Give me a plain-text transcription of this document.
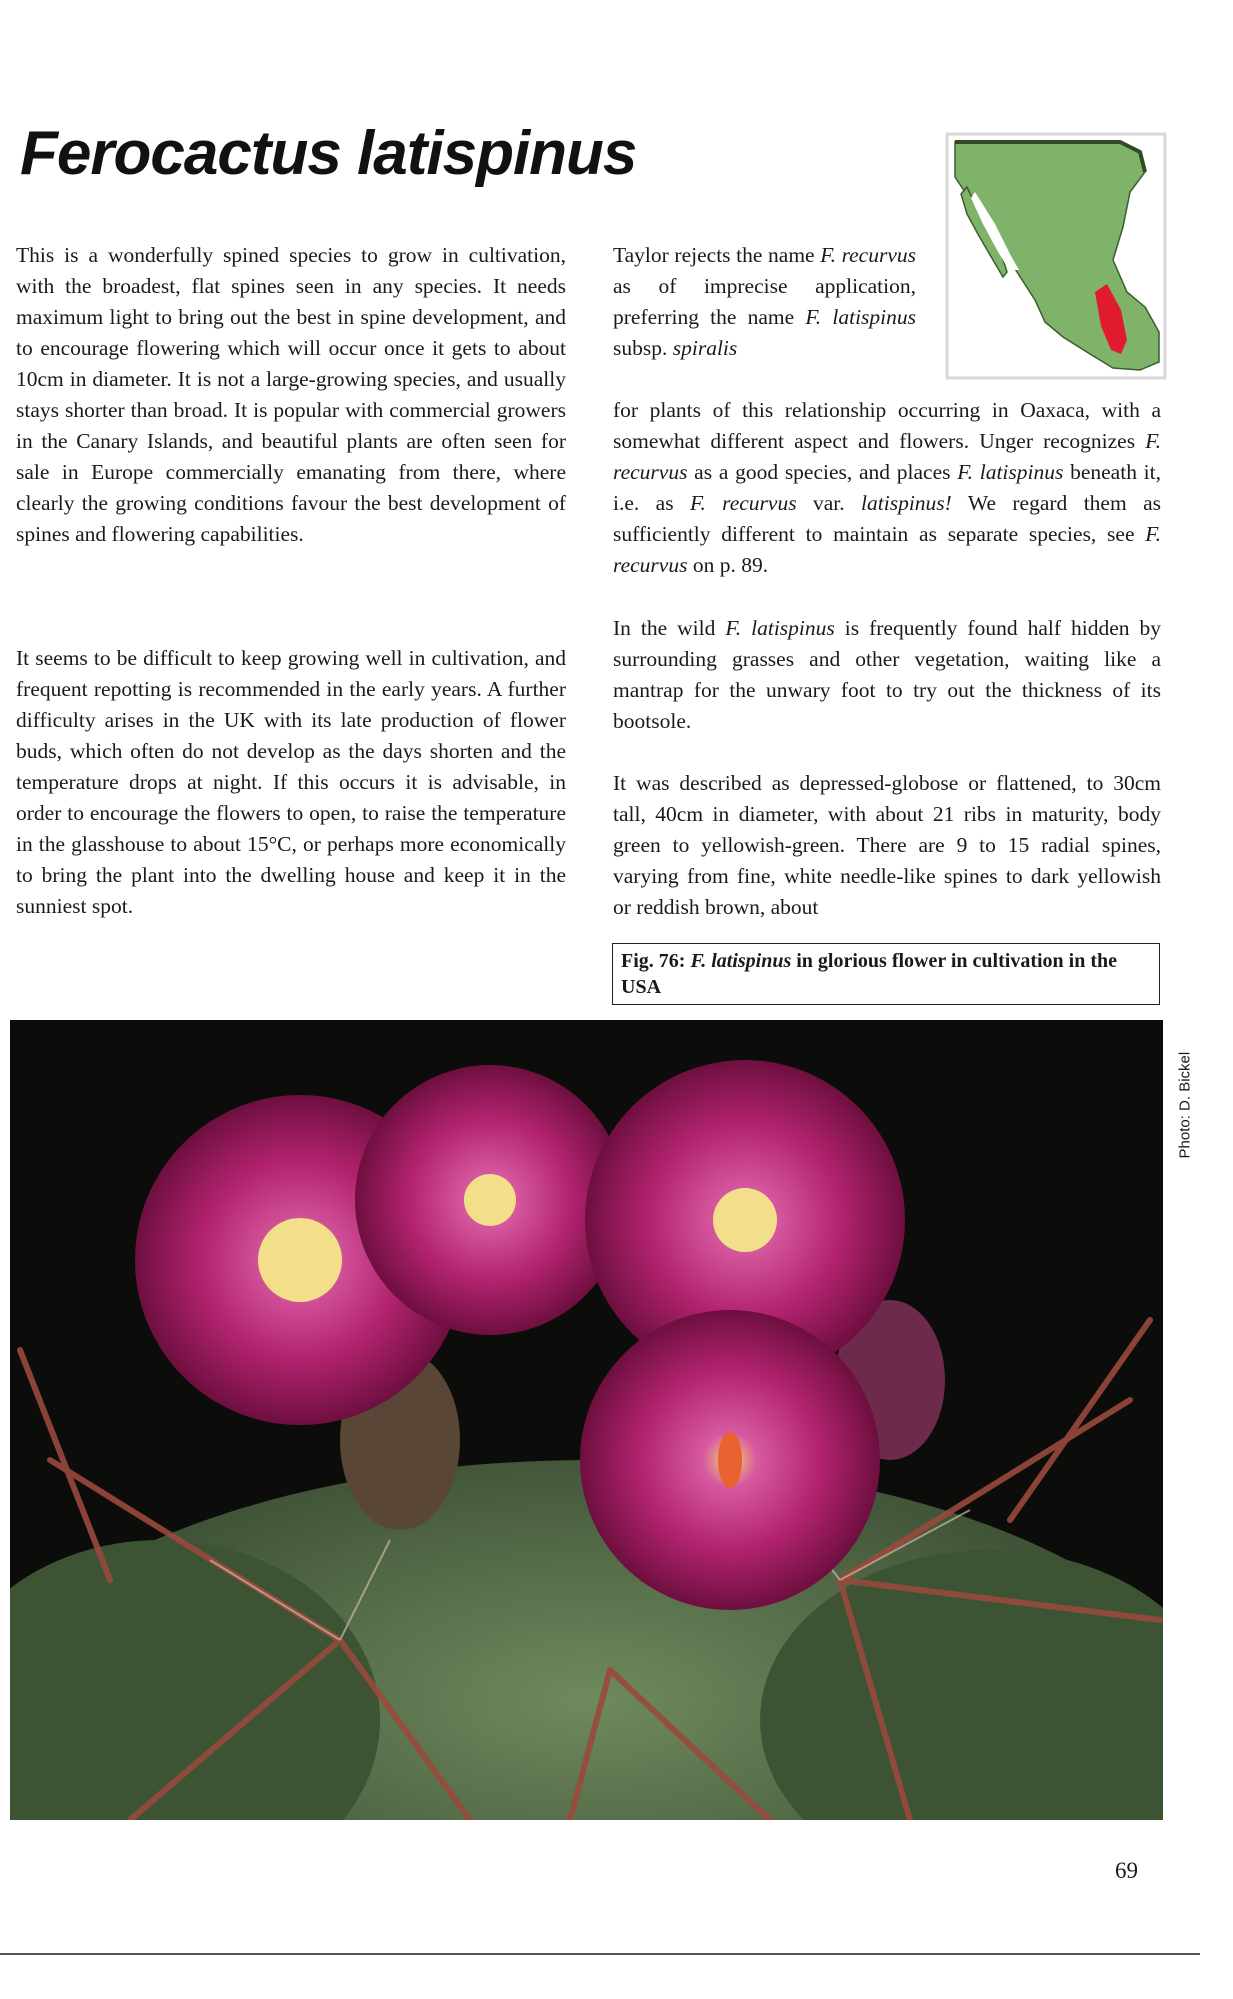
Ferocactus latispinus

This is a wonderfully spined species to grow in cultivation, with the broadest, flat spines seen in any species. It needs maximum light to bring out the best in spine development, and to encourage flowering which will occur once it gets to about 10cm in diameter. It is not a large-growing species, and usually stays shorter than broad. It is popular with commercial growers in the Canary Islands, and beautiful plants are often seen for sale in Europe commercially emanating from there, where clearly the growing conditions favour the best development of spines and flowering capabilities.

It seems to be difficult to keep growing well in cultivation, and frequent repotting is recommended in the early years. A further difficulty arises in the UK with its late production of flower buds, which often do not develop as the days shorten and the temperature drops at night. If this occurs it is advisable, in order to encourage the flowers to open, to raise the temperature in the glasshouse to about 15°C, or perhaps more economically to bring the plant into the dwelling house and keep it in the sunniest spot.

Taylor rejects the name F. recurvus as of imprecise application, preferring the name F. latispinus subsp. spiralis

for plants of this relationship occurring in Oaxaca, with a somewhat different aspect and flowers. Unger recognizes F. recurvus as a good species, and places F. latispinus beneath it, i.e. as F. recurvus var. latispinus! We regard them as sufficiently different to maintain as separate species, see F. recurvus on p. 89.

In the wild F. latispinus is frequently found half hidden by surrounding grasses and other vegetation, waiting like a mantrap for the unwary foot to try out the thickness of its bootsole.

It was described as depressed-globose or flattened, to 30cm tall, 40cm in diameter, with about 21 ribs in maturity, body green to yellowish-green. There are 9 to 15 radial spines, varying from fine, white needle-like spines to dark yellowish or reddish brown, about

Fig. 76: F. latispinus in glorious flower in cultivation in the USA
Photo: D. Bickel
69
